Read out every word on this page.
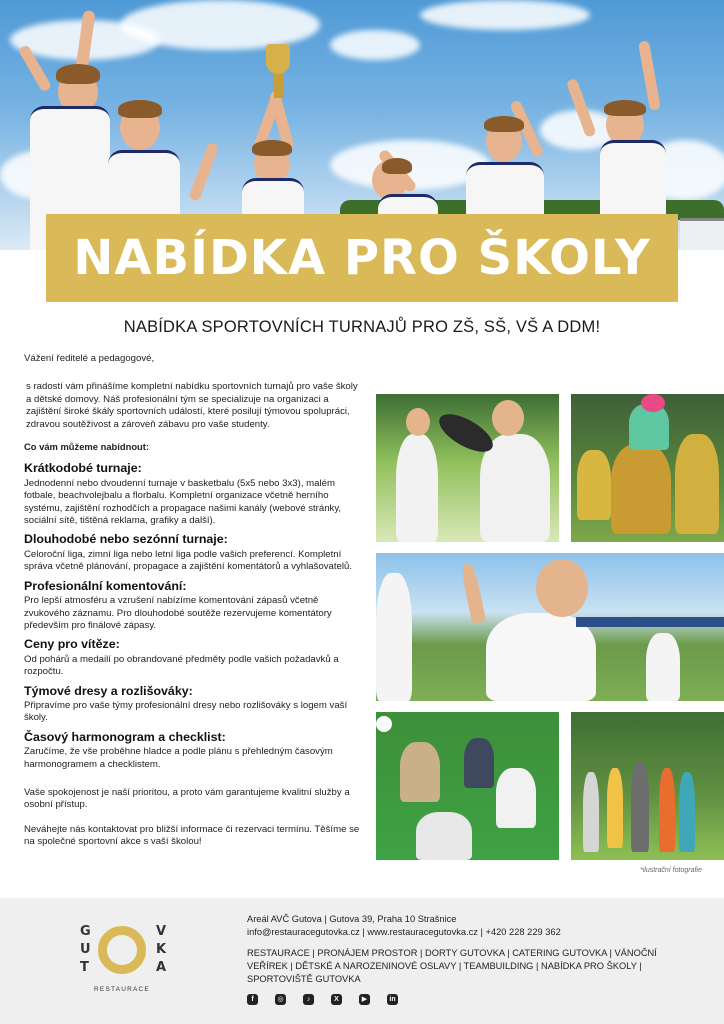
NABÍDKA PRO ŠKOLY
NABÍDKA SPORTOVNÍCH TURNAJŮ PRO ZŠ, SŠ, VŠ A DDM!

Vážení ředitelé a pedagogové,

s radostí vám přinášíme kompletní nabídku sportovních turnajů pro vaše školy a dětské domovy. Náš profesionální tým se specializuje na organizaci a zajištění široké škály sportovních událostí, které posilují týmovou spolupráci, zdravou soutěživost a zároveň zábavu pro vaše studenty.

Co vám můžeme nabídnout:

Krátkodobé turnaje:

Jednodenní nebo dvoudenní turnaje v basketbalu (5x5 nebo 3x3), malém fotbale, beachvolejbalu a florbalu. Kompletní organizace včetně herního systému, zajištění rozhodčích a propagace našimi kanály (webové stránky, sociální sítě, tištěná reklama, grafiky a další).

Dlouhodobé nebo sezónní turnaje:

Celoroční liga, zimní liga nebo letní liga podle vašich preferencí. Kompletní správa včetně plánování, propagace a zajištění komentátorů a vyhlašovatelů.

Profesionální komentování:

Pro lepší atmosféru a vzrušení nabízíme komentování zápasů včetně zvukového záznamu. Pro dlouhodobé soutěže rezervujeme komentátory především pro finálové zápasy.

Ceny pro vítěze:

Od pohárů a medailí po obrandované předměty podle vašich požadavků a rozpočtu.

Týmové dresy a rozlišováky:

Připravíme pro vaše týmy profesionální dresy nebo rozlišováky s logem vaší školy.

Časový harmonogram a checklist:

Zaručíme, že vše proběhne hladce a podle plánu s přehledným časovým harmonogramem a checklistem.

Vaše spokojenost je naší prioritou, a proto vám garantujeme kvalitní služby a osobní přístup.

Neváhejte nás kontaktovat pro bližší informace či rezervaci termínu. Těšíme se na společné sportovní akce s vaší školou!

*ilustrační fotografie
G
U
T
V
K
A
RESTAURACE
Areál AVČ Gutova | Gutova 39, Praha 10 Strašnice
info@restauracegutovka.cz | www.restauracegutovka.cz | +420 228 229 362
RESTAURACE | PRONÁJEM PROSTOR | DORTY GUTOVKA | CATERING GUTOVKA | VÁNOČNÍ VEŘÍREK | DĚTSKÉ A NAROZENINOVÉ OSLAVY | TEAMBUILDING | NABÍDKA PRO ŠKOLY | SPORTOVIŠTĚ GUTOVKA
f	◎	♪	X	▶	in
